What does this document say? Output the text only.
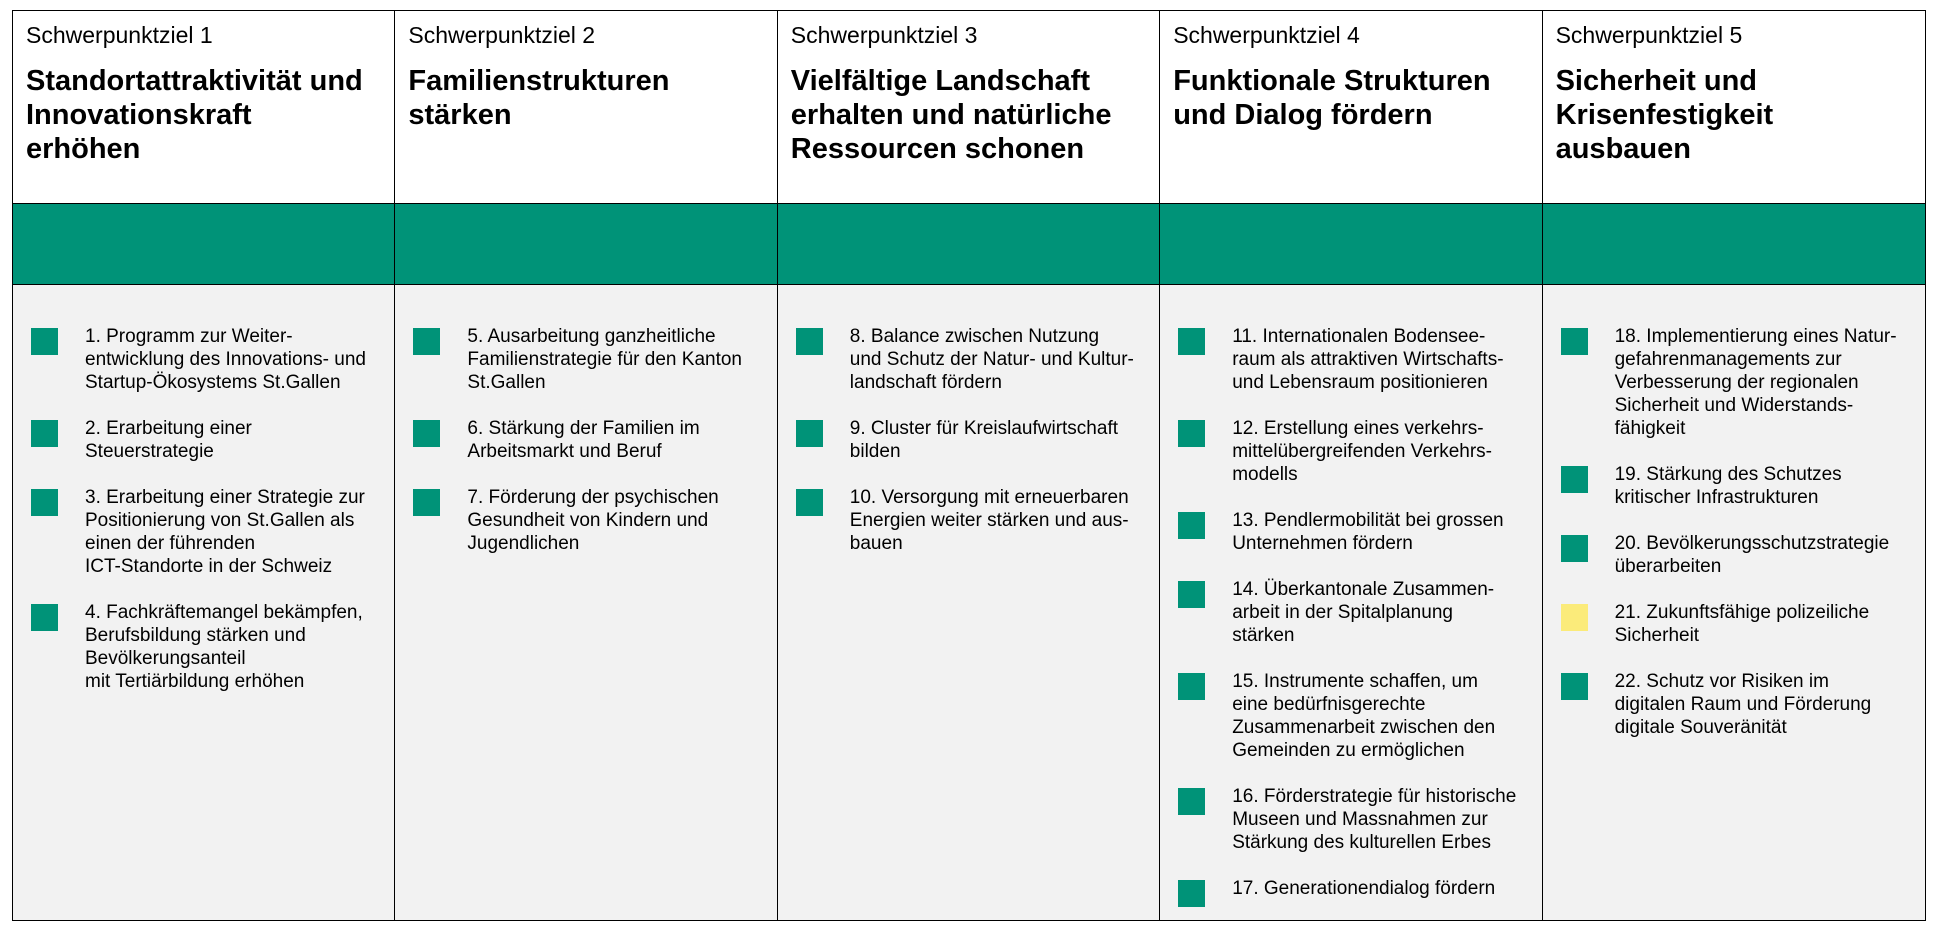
Schwerpunktziel 1
Standortattraktivität und
Innovationskraft
erhöhen
Schwerpunktziel 2
Familienstrukturen
stärken
Schwerpunktziel 3
Vielfältige Landschaft
erhalten und natürliche
Ressourcen schonen
Schwerpunktziel 4
Funktionale Strukturen
und Dialog fördern
Schwerpunktziel 5
Sicherheit und
Krisenfestigkeit
ausbauen
1. Programm zur Weiter-
entwicklung des Innovations- und
Startup-Ökosystems St.Gallen
2. Erarbeitung einer
Steuerstrategie
3. Erarbeitung einer Strategie zur
Positionierung von St.Gallen als
einen der führenden
ICT-Standorte in der Schweiz
4. Fachkräftemangel bekämpfen,
Berufsbildung stärken und
Bevölkerungsanteil
mit Tertiärbildung erhöhen
5. Ausarbeitung ganzheitliche
Familienstrategie für den Kanton
St.Gallen
6. Stärkung der Familien im
Arbeitsmarkt und Beruf
7. Förderung der psychischen
Gesundheit von Kindern und
Jugendlichen
8. Balance zwischen Nutzung
und Schutz der Natur- und Kultur-
landschaft fördern
9. Cluster für Kreislaufwirtschaft
bilden
10. Versorgung mit erneuerbaren
Energien weiter stärken und aus-
bauen
11. Internationalen Bodensee-
raum als attraktiven Wirtschafts-
und Lebensraum positionieren
12. Erstellung eines verkehrs-
mittelübergreifenden Verkehrs-
modells
13. Pendlermobilität bei grossen
Unternehmen fördern
14. Überkantonale Zusammen-
arbeit in der Spitalplanung
stärken
15. Instrumente schaffen, um
eine bedürfnisgerechte
Zusammenarbeit zwischen den
Gemeinden zu ermöglichen
16. Förderstrategie für historische
Museen und Massnahmen zur
Stärkung des kulturellen Erbes
17. Generationendialog fördern
18. Implementierung eines Natur-
gefahrenmanagements zur
Verbesserung der regionalen
Sicherheit und Widerstands-
fähigkeit
19. Stärkung des Schutzes
kritischer Infrastrukturen
20. Bevölkerungsschutzstrategie
überarbeiten
21. Zukunftsfähige polizeiliche
Sicherheit
22. Schutz vor Risiken im
digitalen Raum und Förderung
digitale Souveränität
